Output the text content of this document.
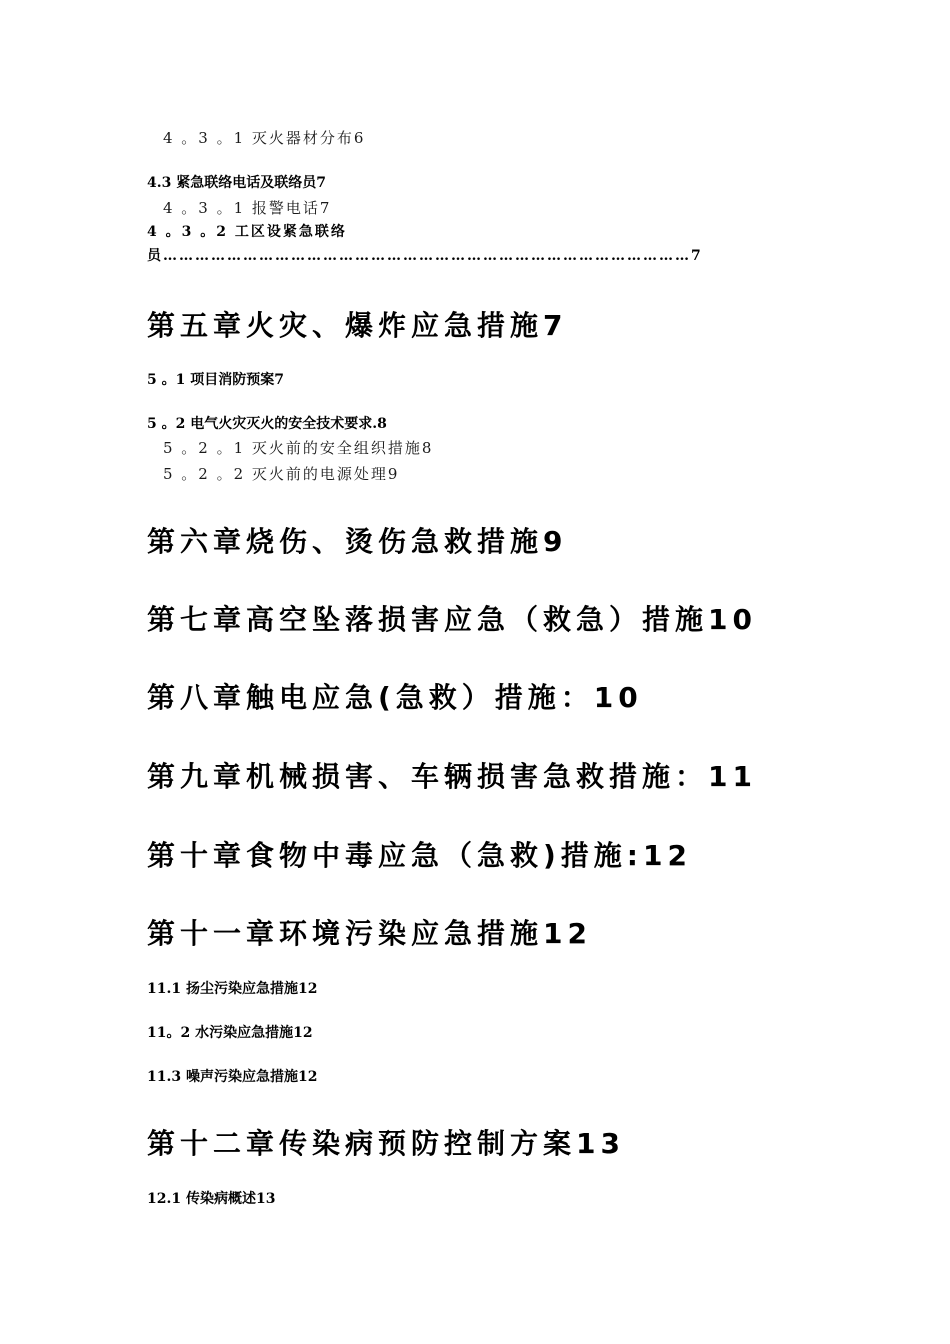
4 。3 。1 灭火器材分布6
4.3 紧急联络电话及联络员7
4 。3 。1 报警电话7
4 。3 。2 工区设紧急联络员………………………………………………………………………………………7
第五章火灾、爆炸应急措施7
5 。1 项目消防预案7
5 。2 电气火灾灭火的安全技术要求.8
5 。2 。1 灭火前的安全组织措施8
5 。2 。2 灭火前的电源处理9
第六章烧伤、烫伤急救措施9
第七章高空坠落损害应急（救急）措施10
第八章触电应急(急救）措施：10
第九章机械损害、车辆损害急救措施：11
第十章食物中毒应急（急救)措施:12
第十一章环境污染应急措施12
11.1 扬尘污染应急措施12
11。2 水污染应急措施12
11.3 噪声污染应急措施12
第十二章传染病预防控制方案13
12.1 传染病概述13
